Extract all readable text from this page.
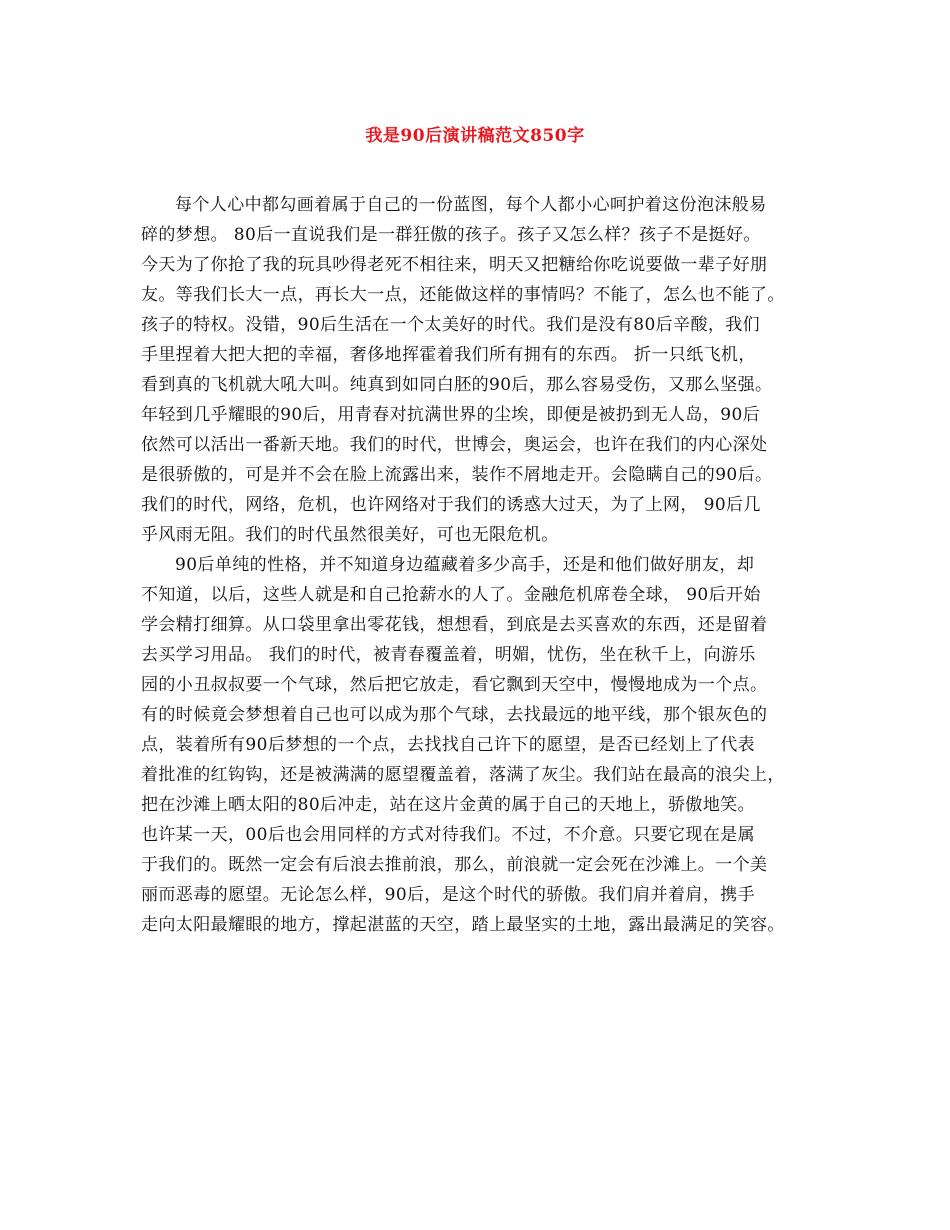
我是90后演讲稿范文850字
每个人心中都勾画着属于自己的一份蓝图，每个人都小心呵护着这份泡沫般易
碎的梦想。 80后一直说我们是一群狂傲的孩子。孩子又怎么样？孩子不是挺好。
今天为了你抢了我的玩具吵得老死不相往来，明天又把糖给你吃说要做一辈子好朋
友。等我们长大一点，再长大一点，还能做这样的事情吗？不能了，怎么也不能了。
孩子的特权。没错，90后生活在一个太美好的时代。我们是没有80后辛酸，我们
手里捏着大把大把的幸福，奢侈地挥霍着我们所有拥有的东西。 折一只纸飞机，
看到真的飞机就大吼大叫。纯真到如同白胚的90后，那么容易受伤，又那么坚强。
年轻到几乎耀眼的90后，用青春对抗满世界的尘埃，即便是被扔到无人岛，90后
依然可以活出一番新天地。我们的时代，世博会，奥运会，也许在我们的内心深处
是很骄傲的，可是并不会在脸上流露出来，装作不屑地走开。会隐瞒自己的90后。
我们的时代，网络，危机，也许网络对于我们的诱惑大过天，为了上网， 90后几
乎风雨无阻。我们的时代虽然很美好，可也无限危机。
90后单纯的性格，并不知道身边蕴藏着多少高手，还是和他们做好朋友，却
不知道，以后，这些人就是和自己抢薪水的人了。金融危机席卷全球， 90后开始
学会精打细算。从口袋里拿出零花钱，想想看，到底是去买喜欢的东西，还是留着
去买学习用品。 我们的时代，被青春覆盖着，明媚，忧伤，坐在秋千上，向游乐
园的小丑叔叔要一个气球，然后把它放走，看它飘到天空中，慢慢地成为一个点。
有的时候竟会梦想着自己也可以成为那个气球，去找最远的地平线，那个银灰色的
点，装着所有90后梦想的一个点，去找找自己许下的愿望，是否已经划上了代表
着批准的红钩钩，还是被满满的愿望覆盖着，落满了灰尘。我们站在最高的浪尖上，
把在沙滩上晒太阳的80后冲走，站在这片金黄的属于自己的天地上，骄傲地笑。
也许某一天，00后也会用同样的方式对待我们。不过，不介意。只要它现在是属
于我们的。既然一定会有后浪去推前浪，那么，前浪就一定会死在沙滩上。一个美
丽而恶毒的愿望。无论怎么样，90后，是这个时代的骄傲。我们肩并着肩，携手
走向太阳最耀眼的地方，撑起湛蓝的天空，踏上最坚实的土地，露出最满足的笑容。
